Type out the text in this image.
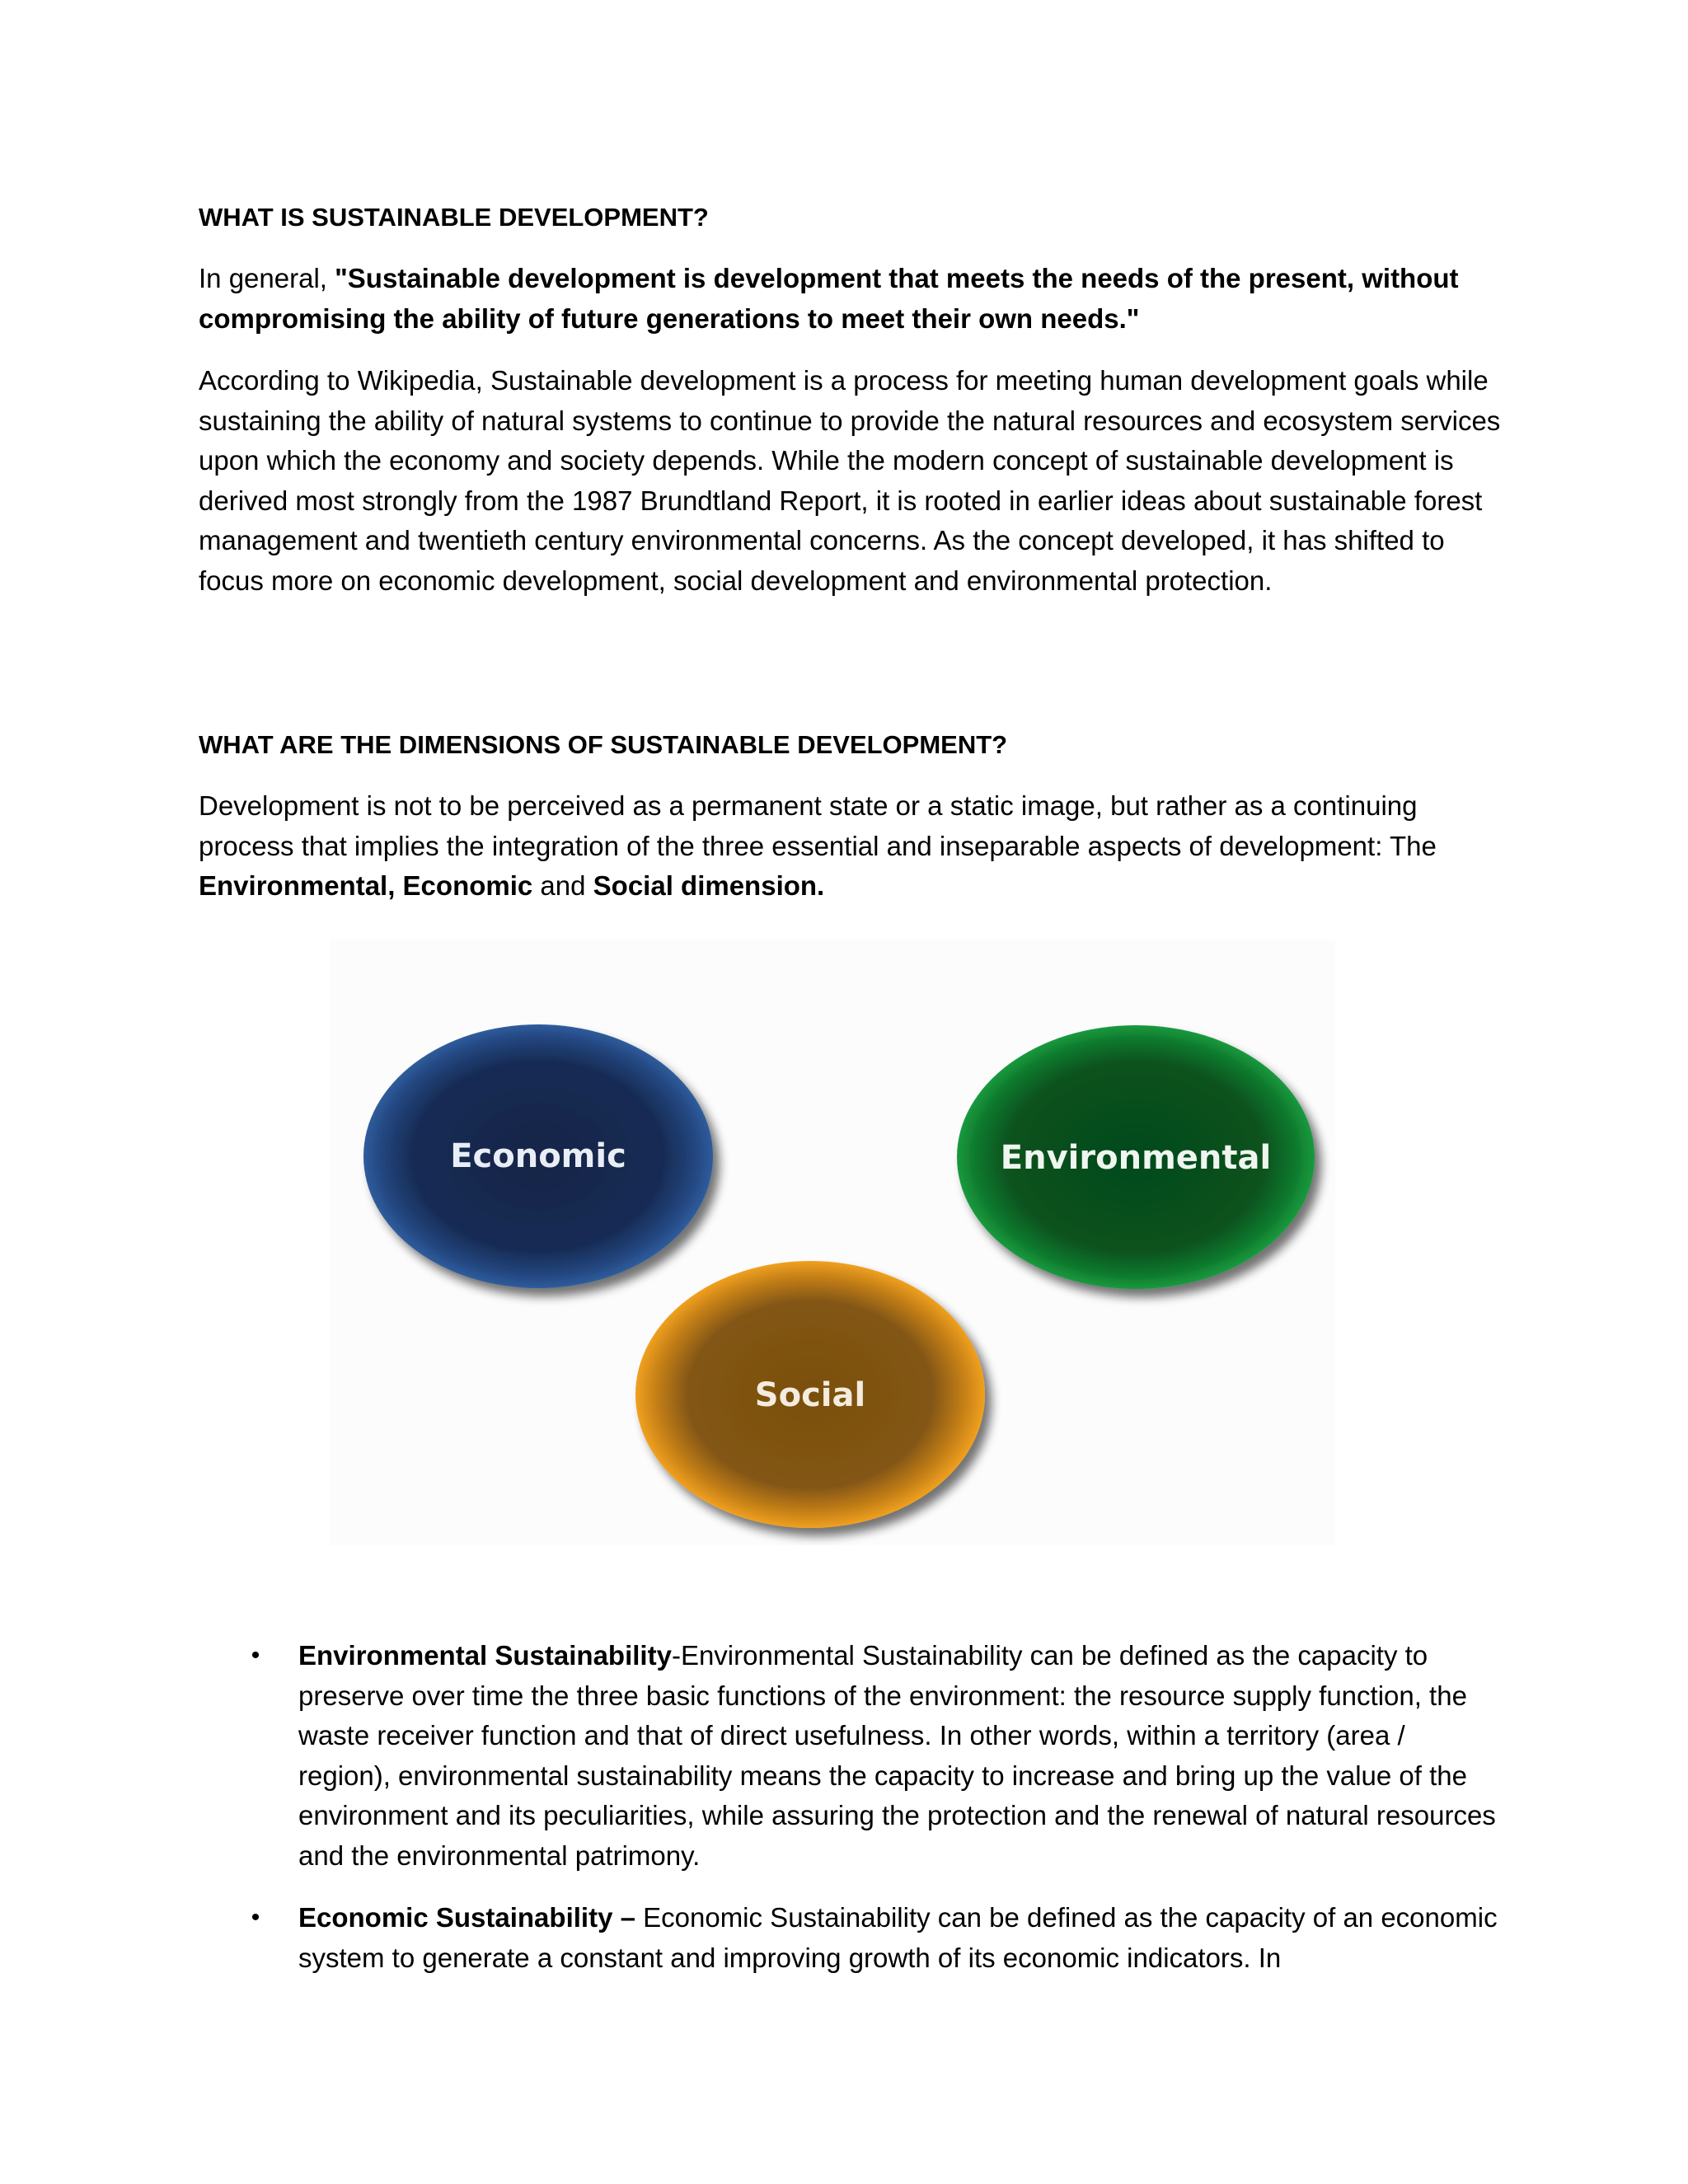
WHAT IS SUSTAINABLE DEVELOPMENT?
In general, "Sustainable development is development that meets the needs of the present, without compromising the ability of future generations to meet their own needs."
According to Wikipedia, Sustainable development is a process for meeting human development goals while sustaining the ability of natural systems to continue to provide the natural resources and ecosystem services upon which the economy and society depends. While the modern concept of sustainable development is derived most strongly from the 1987 Brundtland Report, it is rooted in earlier ideas about sustainable forest management and twentieth century environmental concerns. As the concept developed, it has shifted to focus more on economic development, social development and environmental protection.
WHAT ARE THE DIMENSIONS OF SUSTAINABLE DEVELOPMENT?
Development is not to be perceived as a permanent state or a static image, but rather as a continuing process that implies the integration of the three essential and inseparable aspects of development: The Environmental, Economic and Social dimension.
Economic	Environmental
Social
• Environmental Sustainability-Environmental Sustainability can be defined as the capacity to preserve over time the three basic functions of the environment: the resource supply function, the waste receiver function and that of direct usefulness. In other words, within a territory (area / region), environmental sustainability means the capacity to increase and bring up the value of the environment and its peculiarities, while assuring the protection and the renewal of natural resources and the environmental patrimony.
• Economic Sustainability – Economic Sustainability can be defined as the capacity of an economic system to generate a constant and improving growth of its economic indicators. In
